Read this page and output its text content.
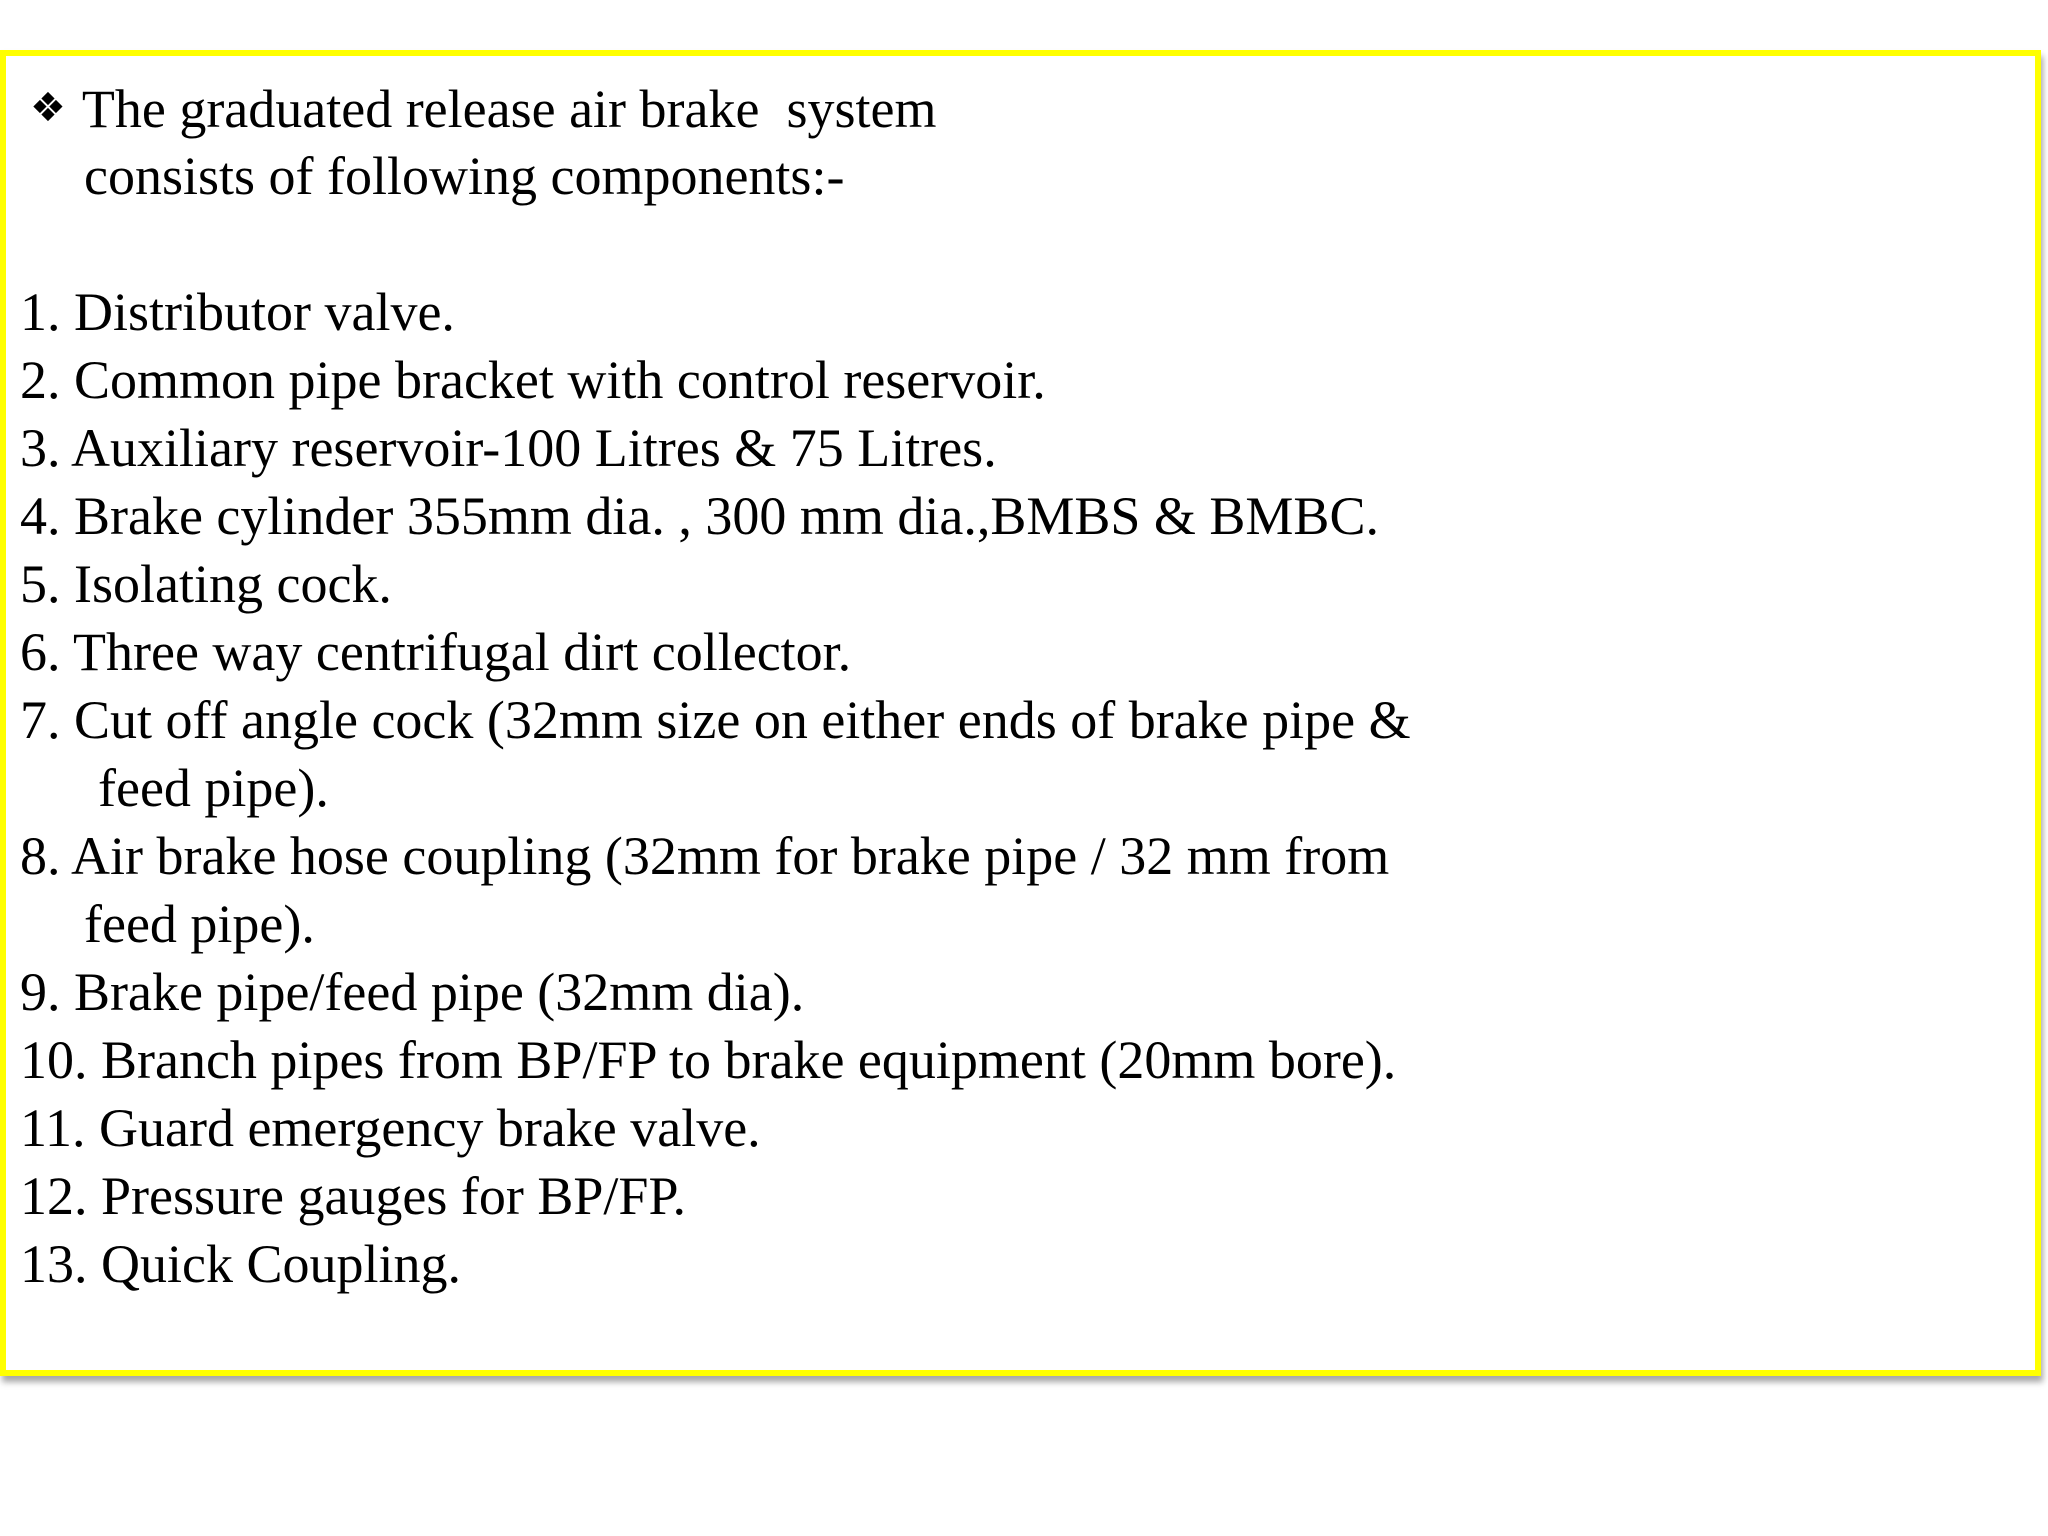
❖ The graduated release air brake  system
consists of following components:-
1. Distributor valve.
2. Common pipe bracket with control reservoir.
3. Auxiliary reservoir-100 Litres & 75 Litres.
4. Brake cylinder 355mm dia. , 300 mm dia.,BMBS & BMBC.
5. Isolating cock.
6. Three way centrifugal dirt collector.
7. Cut off angle cock (32mm size on either ends of brake pipe &
feed pipe).
8. Air brake hose coupling (32mm for brake pipe / 32 mm from
feed pipe).
9. Brake pipe/feed pipe (32mm dia).
10. Branch pipes from BP/FP to brake equipment (20mm bore).
11. Guard emergency brake valve.
12. Pressure gauges for BP/FP.
13. Quick Coupling.
